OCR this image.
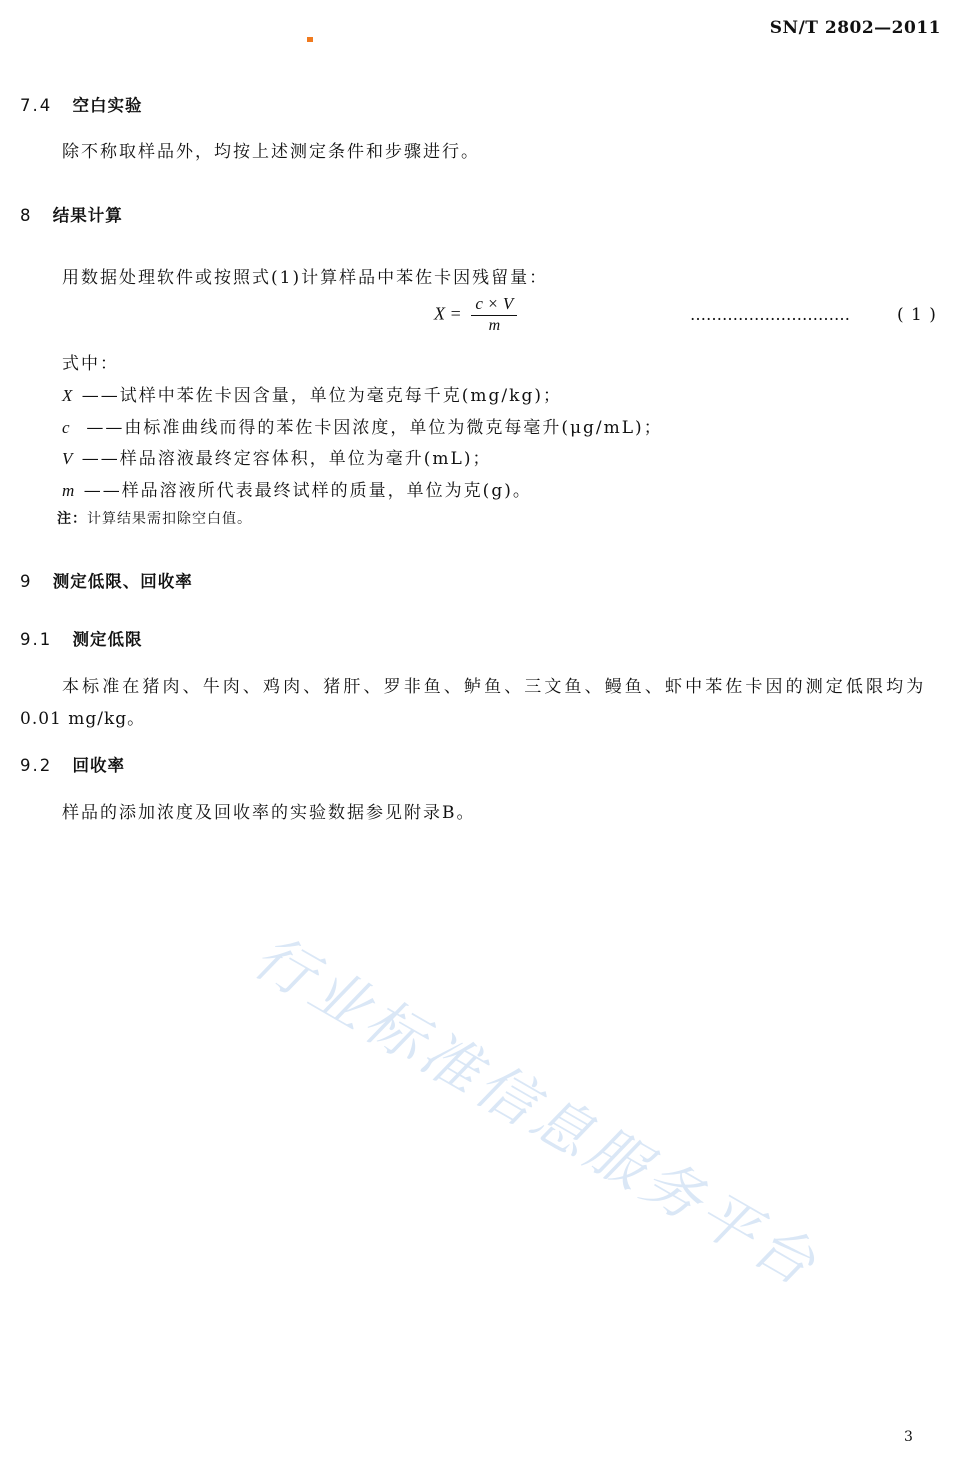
SN/T 2802—2011
7.4 空白实验
除不称取样品外，均按上述测定条件和步骤进行。
8 结果计算
用数据处理软件或按照式(1)计算样品中苯佐卡因残留量：
$X = \frac{c \times V}{m}$	…………………………	( 1 )
式中：
X ——试样中苯佐卡因含量，单位为毫克每千克(mg/kg)；
c ——由标准曲线而得的苯佐卡因浓度，单位为微克每毫升(μg/mL)；
V ——样品溶液最终定容体积，单位为毫升(mL)；
m ——样品溶液所代表最终试样的质量，单位为克(g)。
注：计算结果需扣除空白值。
9 测定低限、回收率
9.1 测定低限
本标准在猪肉、牛肉、鸡肉、猪肝、罗非鱼、鲈鱼、三文鱼、鳗鱼、虾中苯佐卡因的测定低限均为
0.01 mg/kg。
9.2 回收率
样品的添加浓度及回收率的实验数据参见附录B。
行业标准信息服务平台
3
